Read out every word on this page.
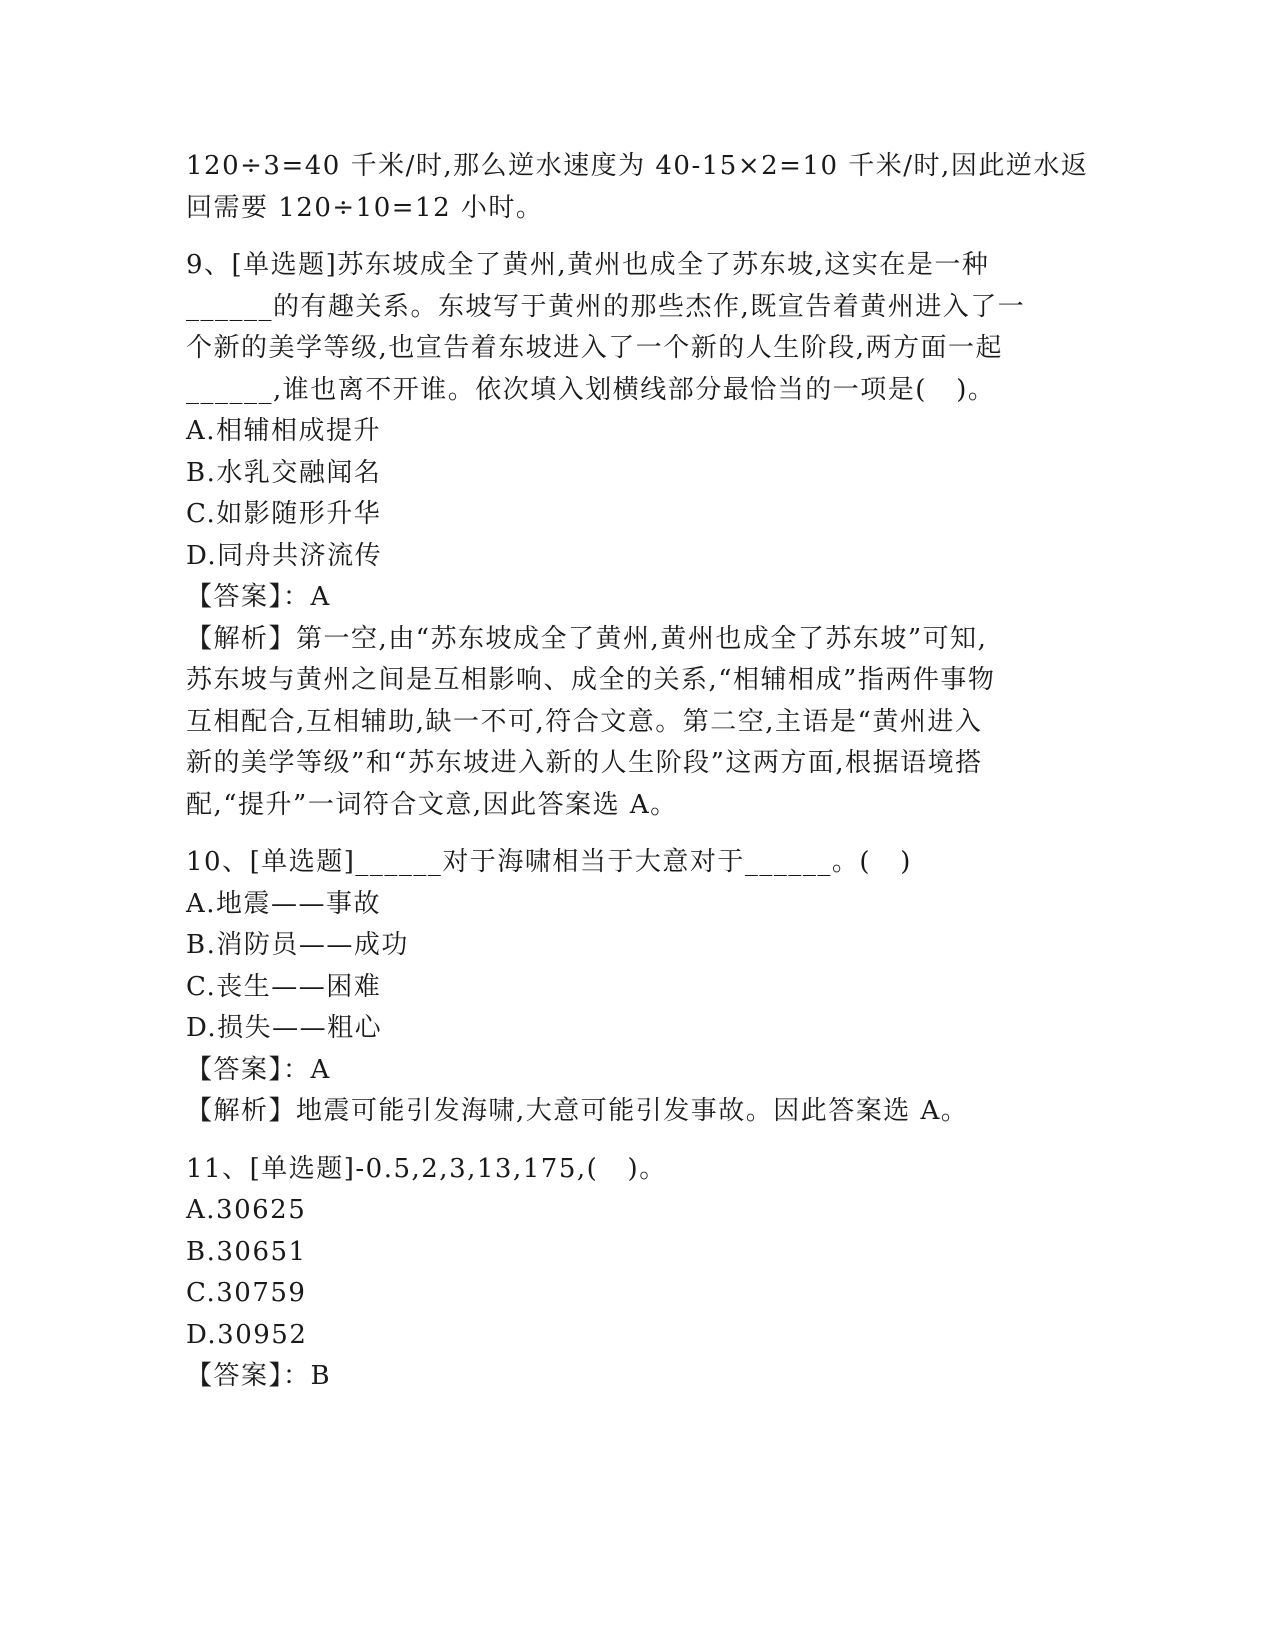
120÷3=40 千米/时,那么逆水速度为 40-15×2=10 千米/时,因此逆水返
回需要 120÷10=12 小时。
9、[单选题]苏东坡成全了黄州,黄州也成全了苏东坡,这实在是一种
______的有趣关系。东坡写于黄州的那些杰作,既宣告着黄州进入了一
个新的美学等级,也宣告着东坡进入了一个新的人生阶段,两方面一起
______,谁也离不开谁。依次填入划横线部分最恰当的一项是(   )。
A.相辅相成提升
B.水乳交融闻名
C.如影随形升华
D.同舟共济流传
【答案】：A
【解析】第一空,由“苏东坡成全了黄州,黄州也成全了苏东坡”可知,
苏东坡与黄州之间是互相影响、成全的关系,“相辅相成”指两件事物
互相配合,互相辅助,缺一不可,符合文意。第二空,主语是“黄州进入
新的美学等级”和“苏东坡进入新的人生阶段”这两方面,根据语境搭
配,“提升”一词符合文意,因此答案选 A。
10、[单选题]______对于海啸相当于大意对于______。(   )
A.地震——事故
B.消防员——成功
C.丧生——困难
D.损失——粗心
【答案】：A
【解析】地震可能引发海啸,大意可能引发事故。因此答案选 A。
11、[单选题]-0.5,2,3,13,175,(   )。
A.30625
B.30651
C.30759
D.30952
【答案】：B
